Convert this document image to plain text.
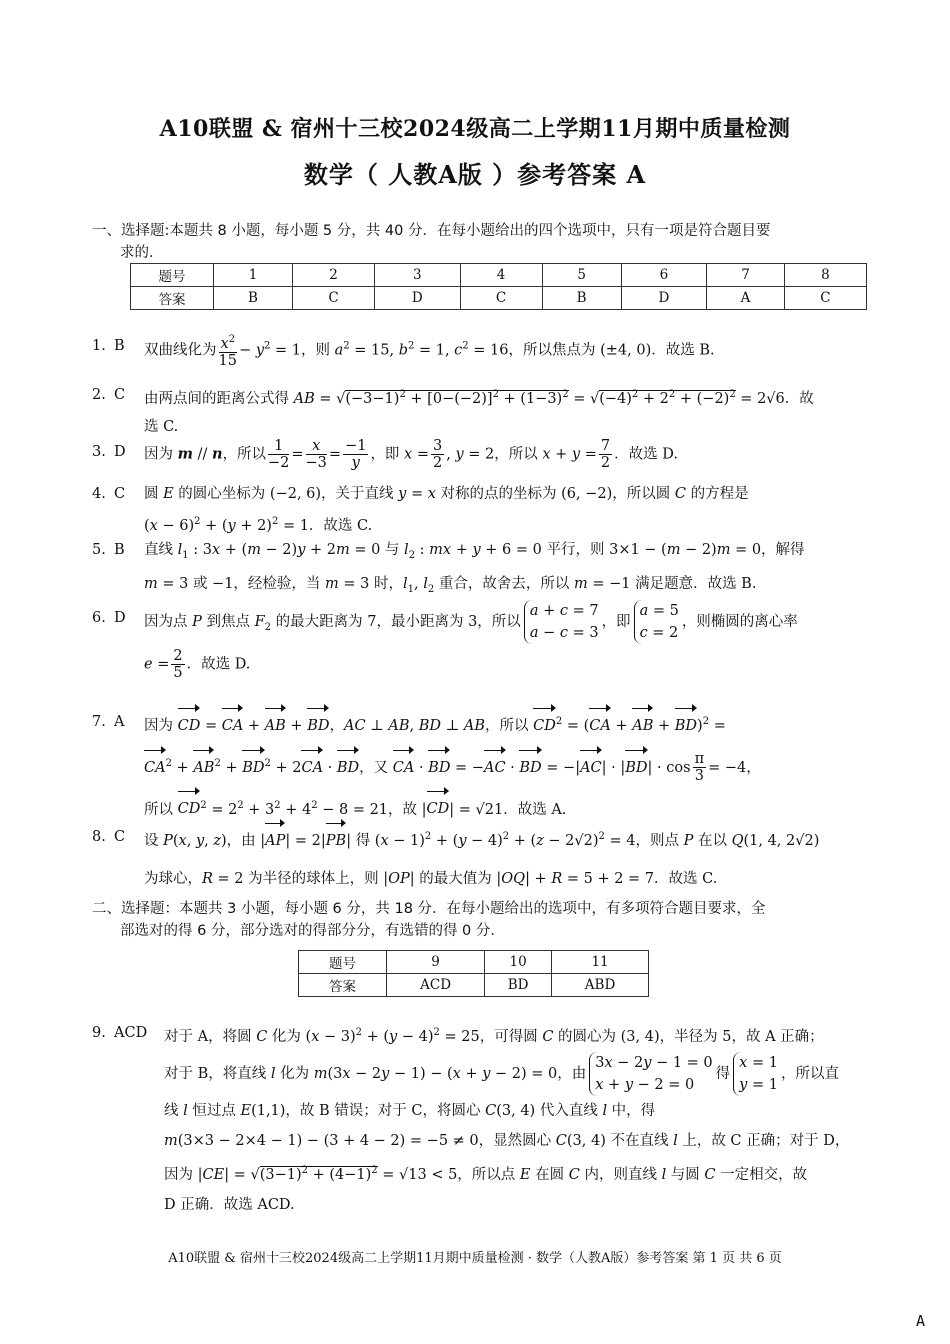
A10联盟 & 宿州十三校2024级高二上学期11月期中质量检测
数学（ 人教A版 ）参考答案 A
一、选择题:本题共 8 小题，每小题 5 分，共 40 分．在每小题给出的四个选项中，只有一项是符合题目要
求的．
题号	1	2	3	4	5	6	7	8
答案	B	C	D	C	B	D	A	C
1. B 双曲线化为 $\frac{x^2}{15} - y^2 = 1$，则 $a^2 = 15$, $b^2 = 1$, $c^2 = 16$，所以焦点为 (±4, 0)．故选 B.
2. C 由两点间的距离公式得 AB = $√(-3-1)^2 + [0-(-2)]^2 + (1-3)^2 = √(-4)^2 + 2^2 + (-2)^2 = 2√6$．故
选 C.
3. D 因为 m // n，所以 $\frac{1}{-2} = \frac{x}{-3} = \frac{-1}{y}$ ，即 $x = \frac{3}{2}$ , y = 2，所以 $x + y = \frac{7}{2}$ ．故选 D.
4. C 圆 E 的圆心坐标为 (−2, 6)，关于直线 y = x 对称的点的坐标为 (6, −2)，所以圆 C 的方程是
$(x - 6)^2 + (y + 2)^2 = 1$．故选 C.
5. B 直线 $l_1$ : 3x + (m − 2)y + 2m = 0 与 $l_2$ : mx + y + 6 = 0 平行，则 3×1 − (m − 2)m = 0，解得
m = 3 或 −1，经检验，当 m = 3 时，$l_1$, $l_2$ 重合，故舍去，所以 m = −1 满足题意．故选 B.
6. D 因为点 P 到焦点 $F_2$ 的最大距离为 7，最小距离为 3，所以a + c = 7
a − c = 3，即a = 5
c = 2，则椭圆的离心率
$e = \frac{2}{5}$ ．故选 D.
7. A 因为 CD = CA + AB + BD，AC ⊥ AB, BD ⊥ AB，所以 $CD^2 = (CA$ + AB + BD)$^2$ =
$CA^2 + AB^2 + BD^2 + 2CA$ · BD，又 CA · BD = −AC · BD = $-|AC| \cdot |BD| \cdot \cos \frac{\pi}{3} = -4$，
所以 $CD^2 = 2^2 + 3^2 + 4^2 - 8 = 21$，故 |CD| = √21．故选 A.
8. C 设 P(x, y, z)，由 |AP| = 2|PB| 得 $(x - 1)^2 + (y - 4)^2 + (z - 2√2)^2 = 4$，则点 P 在以 Q(1, 4, 2√2)
为球心，R = 2 为半径的球体上，则 |OP| 的最大值为 |OQ| + R = 5 + 2 = 7．故选 C.
二、选择题：本题共 3 小题，每小题 6 分，共 18 分．在每小题给出的选项中，有多项符合题目要求，全
部选对的得 6 分，部分选对的得部分分，有选错的得 0 分．
题号	9	10	11
答案	ACD	BD	ABD
9. ACD 对于 A，将圆 C 化为 $(x - 3)^2 + (y - 4)^2 = 25$，可得圆 C 的圆心为 (3, 4)，半径为 5，故 A 正确；
对于 B，将直线 l 化为 m(3x − 2y − 1) − (x + y − 2) = 0，由3x − 2y − 1 = 0
x + y − 2 = 0得x = 1
y = 1，所以直
线 l 恒过点 E(1,1)，故 B 错误；对于 C，将圆心 C(3, 4) 代入直线 l 中，得
m(3×3 − 2×4 − 1) − (3 + 4 − 2) = −5 ≠ 0，显然圆心 C(3, 4) 不在直线 l 上，故 C 正确；对于 D，
因为 $|CE| = √(3-1)^2 + (4-1)^2 = √13 < 5$，所以点 E 在圆 C 内，则直线 l 与圆 C 一定相交，故
D 正确．故选 ACD.
A10联盟 & 宿州十三校2024级高二上学期11月期中质量检测 · 数学（人教A版）参考答案 第 1 页 共 6 页
A
